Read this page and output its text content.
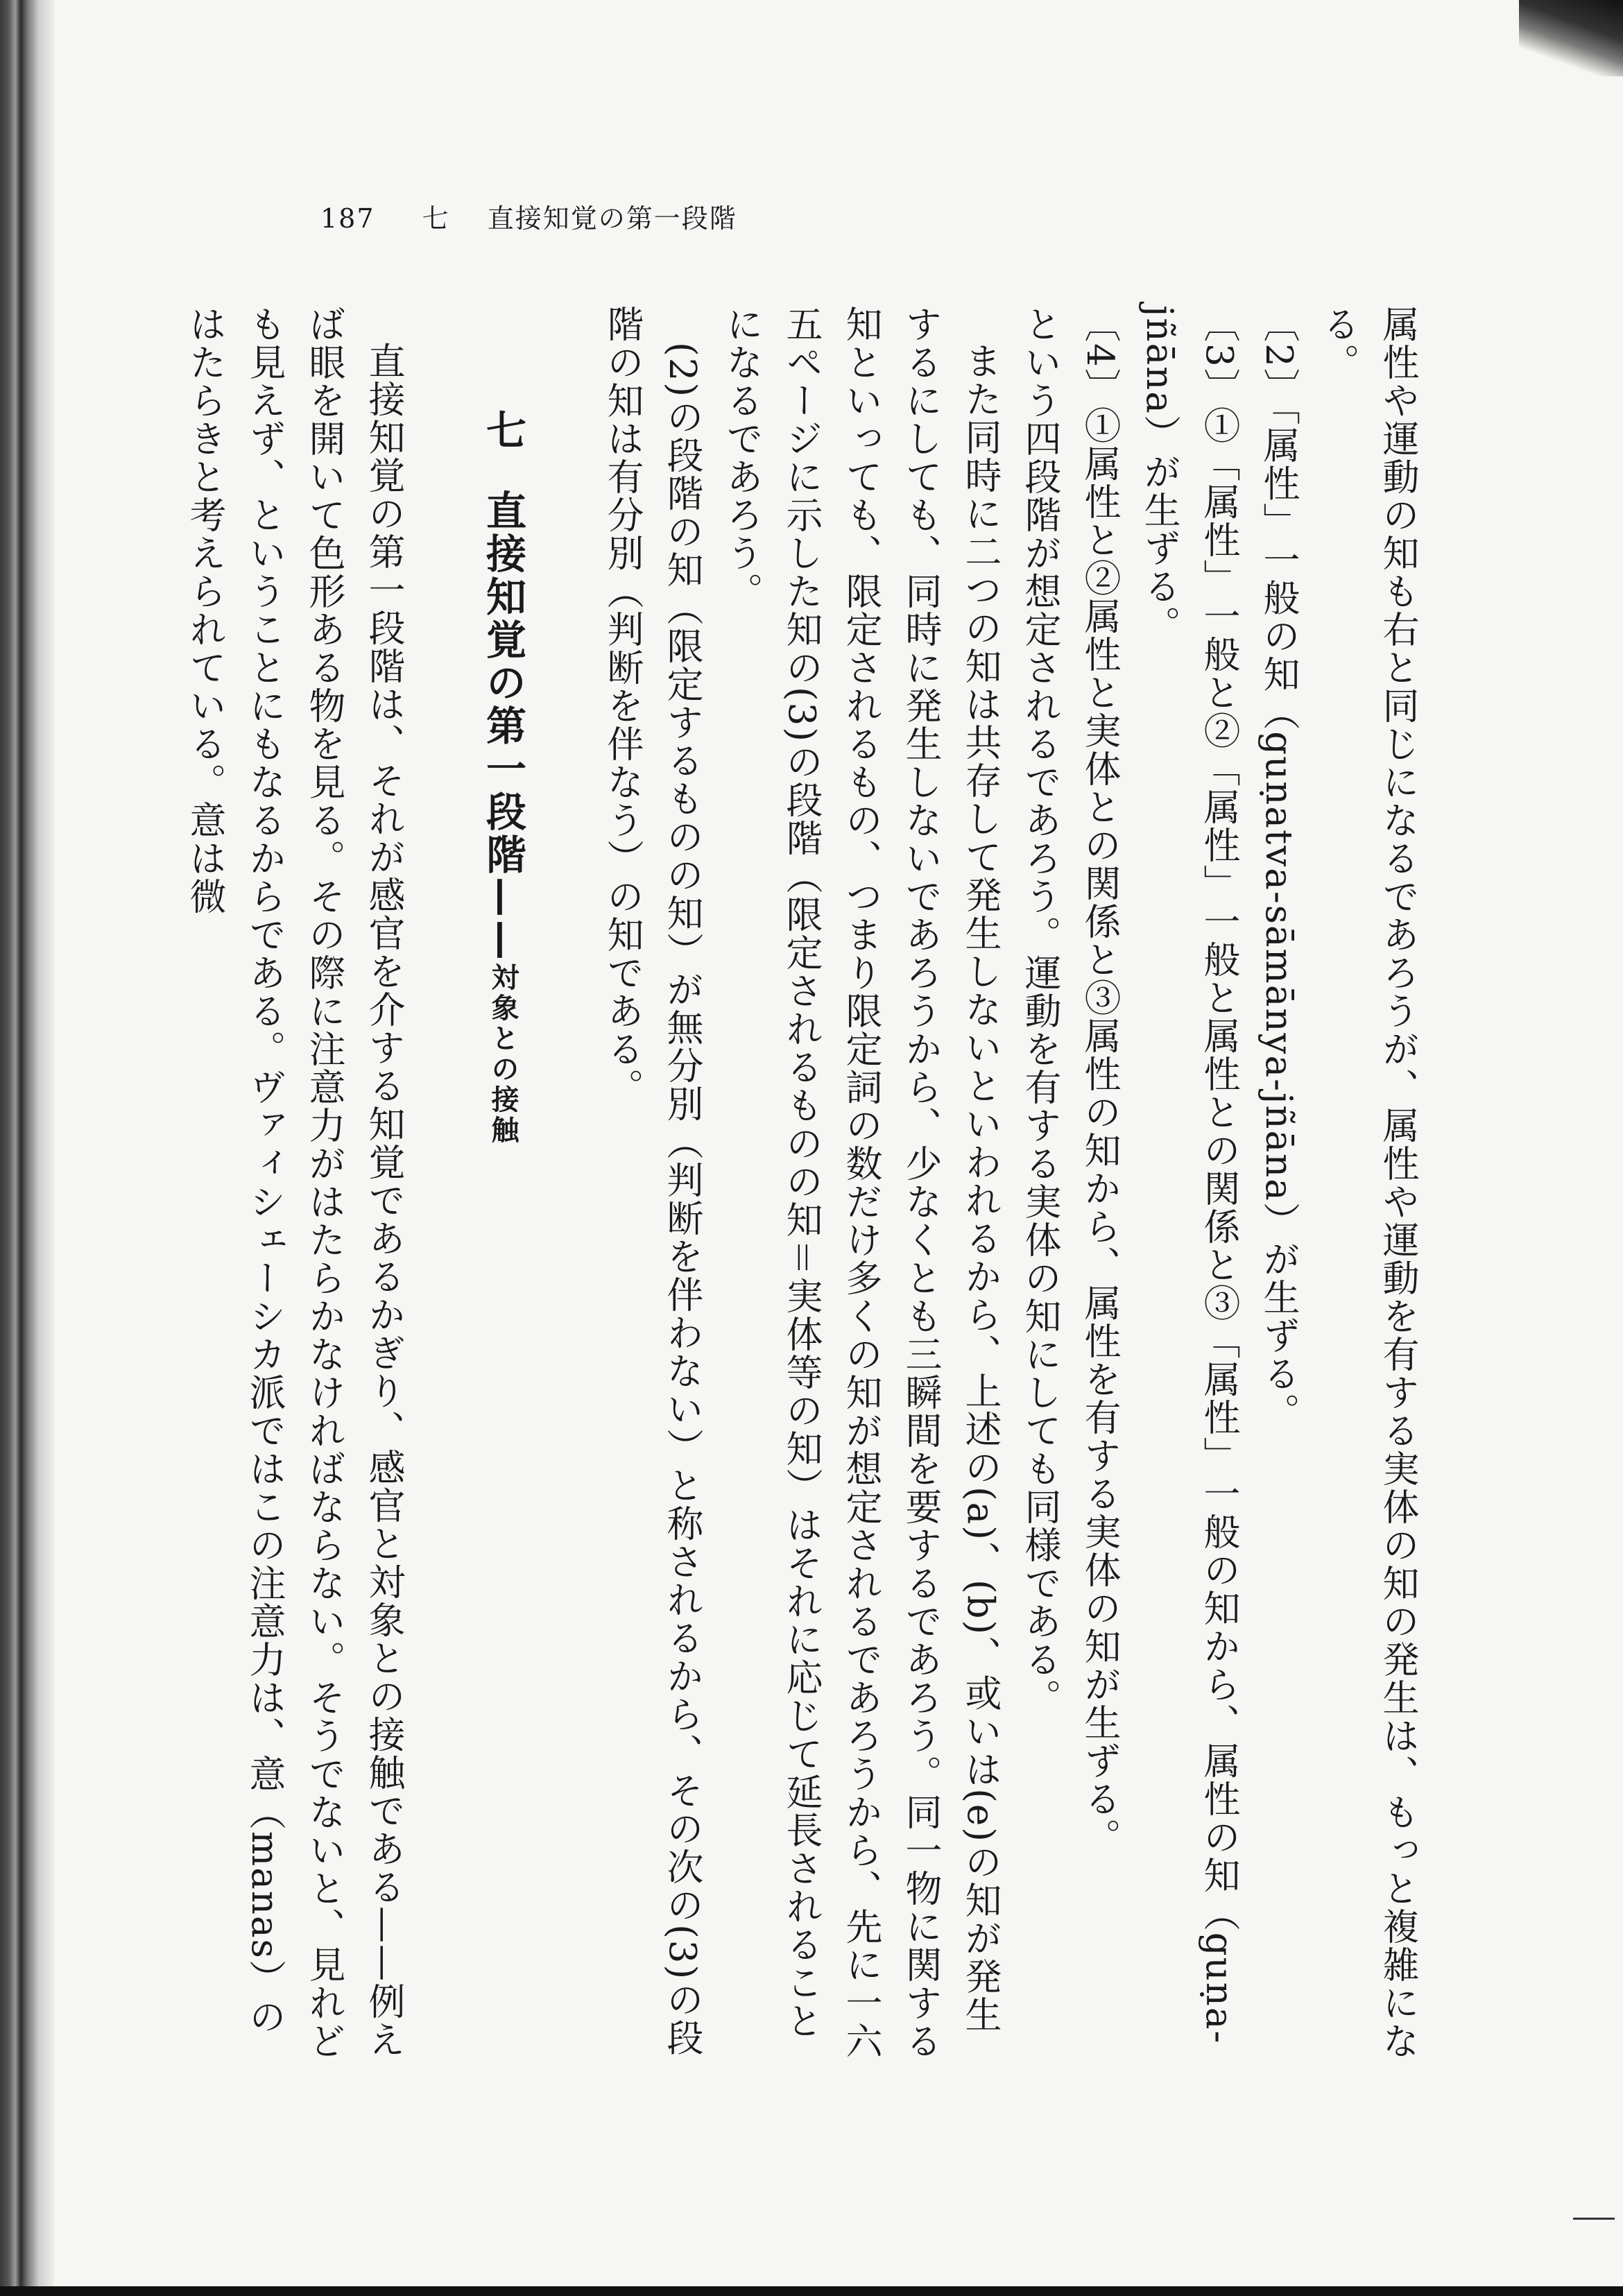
187 七 直接知覚の第一段階

属性や運動の知も右と同じになるであろうが、属性や運動を有する実体の知の発生は、もっと複雑になる。

〔2〕「属性」一般の知（guṇatva-sāmānya-jñāna）が生ずる。

〔3〕①「属性」一般と②「属性」一般と属性との関係と③「属性」一般の知から、属性の知（guṇa-jñāna）が生ずる。

〔4〕①属性と②属性と実体との関係と③属性の知から、属性を有する実体の知が生ずる。

という四段階が想定されるであろう。運動を有する実体の知にしても同様である。

また同時に二つの知は共存して発生しないといわれるから、上述の(a)、(b)、或いは(e)の知が発生するにしても、同時に発生しないであろうから、少なくとも三瞬間を要するであろう。同一物に関する知といっても、限定されるもの、つまり限定詞の数だけ多くの知が想定されるであろうから、先に一六五ページに示した知の(3)の段階（限定されるものの知＝実体等の知）はそれに応じて延長されることになるであろう。

(2)の段階の知（限定するものの知）が無分別（判断を伴わない）と称されるから、その次の(3)の段階の知は有分別（判断を伴なう）の知である。

七直接知覚の第一段階——対象との接触

直接知覚の第一段階は、それが感官を介する知覚であるかぎり、感官と対象との接触である——例えば眼を開いて色形ある物を見る。その際に注意力がはたらかなければならない。そうでないと、見れども見えず、ということにもなるからである。ヴァィシェーシカ派ではこの注意力は、意（manas）のはたらきと考えられている。意は微
